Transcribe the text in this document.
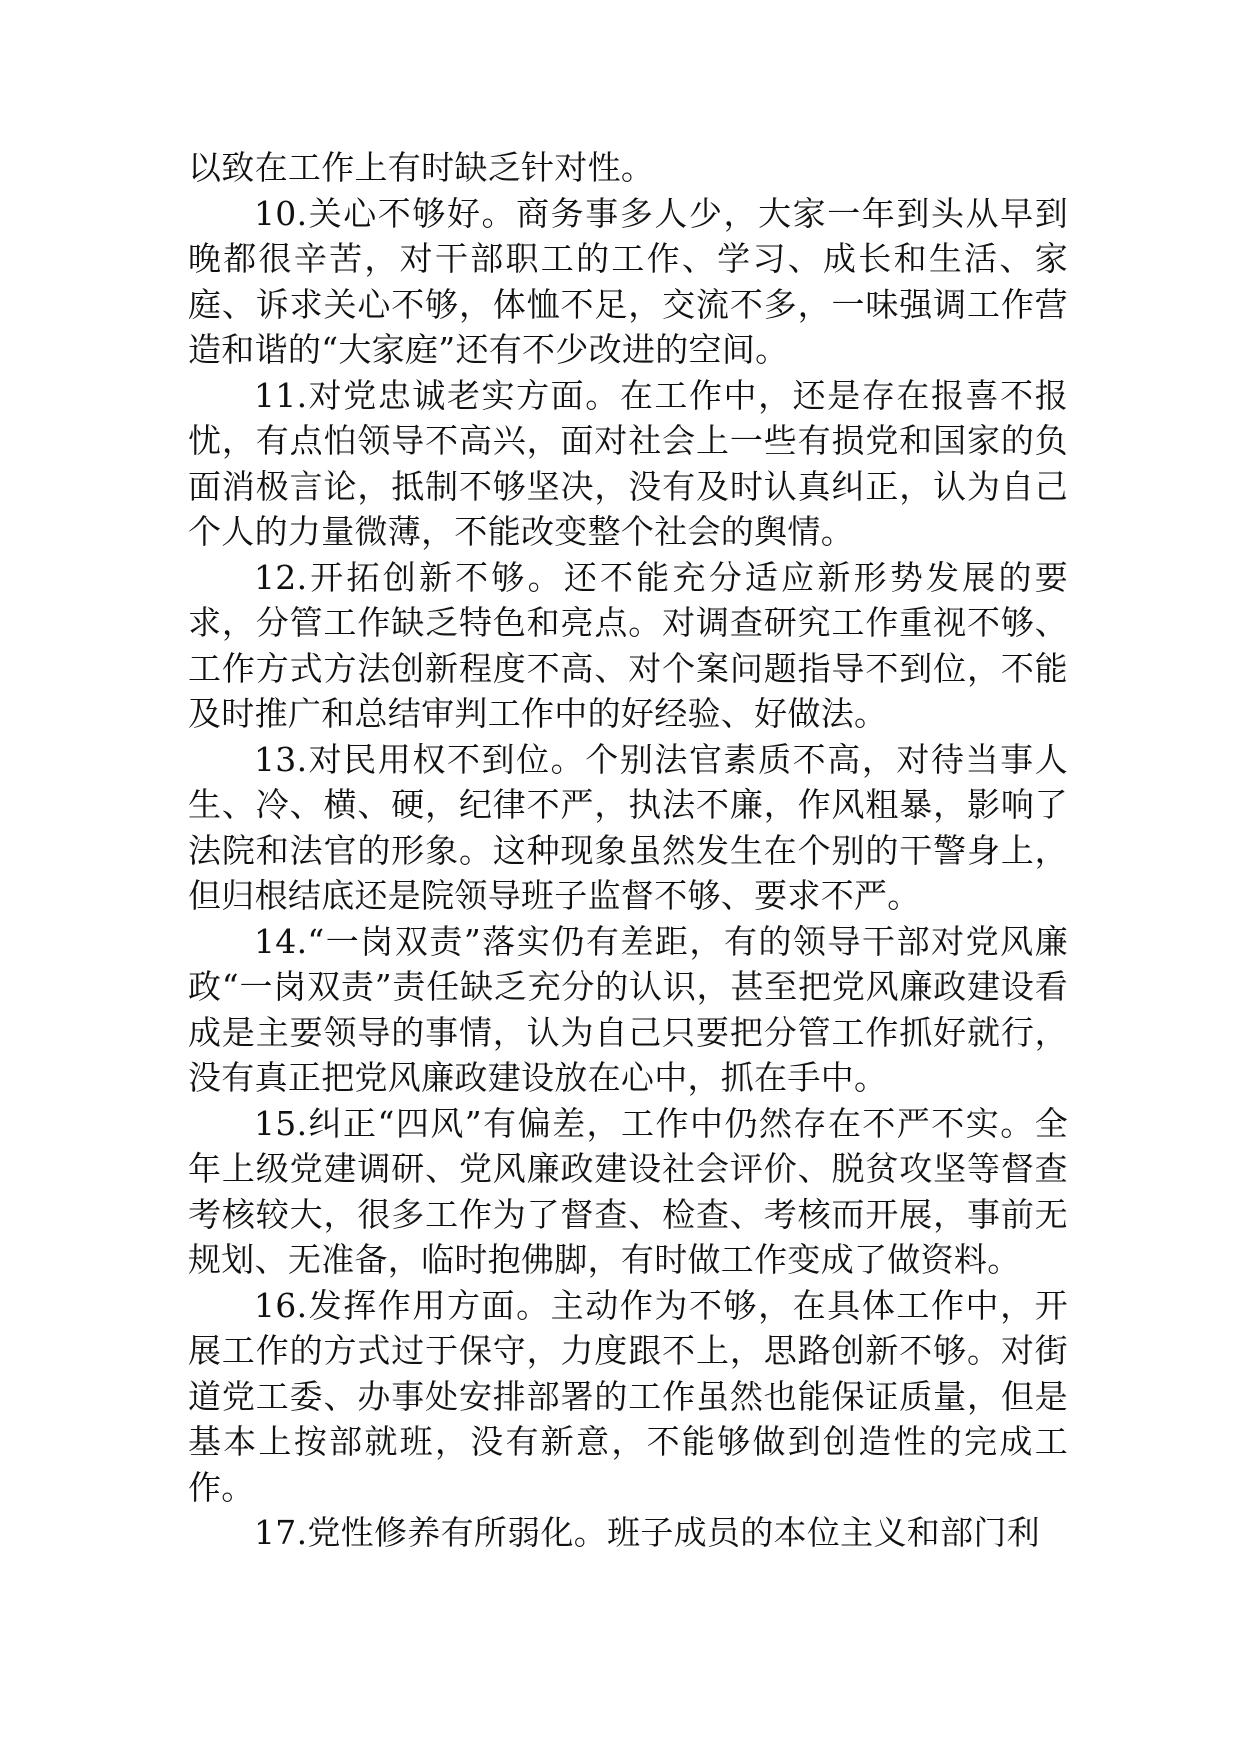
以致在工作上有时缺乏针对性。

10.关心不够好。商务事多人少，大家一年到头从早到晚都很辛苦，对干部职工的工作、学习、成长和生活、家庭、诉求关心不够，体恤不足，交流不多，一味强调工作营造和谐的“大家庭”还有不少改进的空间。

11.对党忠诚老实方面。在工作中，还是存在报喜不报忧，有点怕领导不高兴，面对社会上一些有损党和国家的负面消极言论，抵制不够坚决，没有及时认真纠正，认为自己个人的力量微薄，不能改变整个社会的舆情。

12.开拓创新不够。还不能充分适应新形势发展的要求，分管工作缺乏特色和亮点。对调查研究工作重视不够、工作方式方法创新程度不高、对个案问题指导不到位，不能及时推广和总结审判工作中的好经验、好做法。

13.对民用权不到位。个别法官素质不高，对待当事人生、冷、横、硬，纪律不严，执法不廉，作风粗暴，影响了法院和法官的形象。这种现象虽然发生在个别的干警身上，但归根结底还是院领导班子监督不够、要求不严。

14.“一岗双责”落实仍有差距，有的领导干部对党风廉政“一岗双责”责任缺乏充分的认识，甚至把党风廉政建设看成是主要领导的事情，认为自己只要把分管工作抓好就行，没有真正把党风廉政建设放在心中，抓在手中。

15.纠正“四风”有偏差，工作中仍然存在不严不实。全年上级党建调研、党风廉政建设社会评价、脱贫攻坚等督查考核较大，很多工作为了督查、检查、考核而开展，事前无规划、无准备，临时抱佛脚，有时做工作变成了做资料。

16.发挥作用方面。主动作为不够，在具体工作中，开展工作的方式过于保守，力度跟不上，思路创新不够。对街道党工委、办事处安排部署的工作虽然也能保证质量，但是基本上按部就班，没有新意，不能够做到创造性的完成工作。

17.党性修养有所弱化。班子成员的本位主义和部门利
